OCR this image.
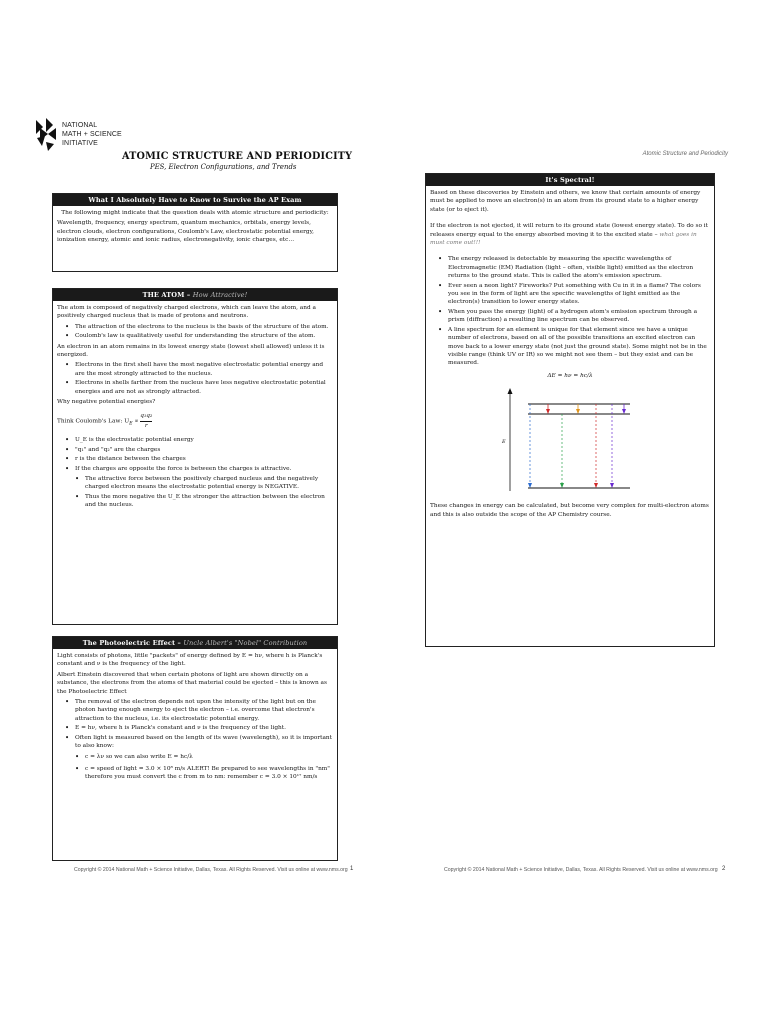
NATIONAL
MATH + SCIENCE
INITIATIVE
ATOMIC STRUCTURE AND PERIODICITY
PES, Electron Configurations, and Trends
Atomic Structure and Periodicity
What I Absolutely Have to Know to Survive the AP Exam

The following might indicate that the question deals with atomic structure and periodicity:

Wavelength, frequency, energy spectrum, quantum mechanics, orbitals, energy levels, electron clouds, electron configurations, Coulomb's Law, electrostatic potential energy, ionization energy, atomic and ionic radius, electronegativity, ionic charges, etc…

THE ATOM – How Attractive!

The atom is composed of negatively charged electrons, which can leave the atom, and a positively charged nucleus that is made of protons and neutrons.

• The attraction of the electrons to the nucleus is the basis of the structure of the atom.
• Coulomb's law is qualitatively useful for understanding the structure of the atom.

An electron in an atom remains in its lowest energy state (lowest shell allowed) unless it is energized.

• Electrons in the first shell have the most negative electrostatic potential energy and are the most strongly attracted to the nucleus.
• Electrons in shells farther from the nucleus have less negative electrostatic potential energies and are not as strongly attracted.

Why negative potential energies?

Think Coulomb's Law: $U_E \propto \frac{\text{q₁q₂}}{r}$

• U_E is the electrostatic potential energy
• "q₁" and "q₂" are the charges
• r is the distance between the charges
• If the charges are opposite the force is between the charges is attractive.
• The attractive force between the positively charged nucleus and the negatively charged electron means the electrostatic potential energy is NEGATIVE.
• Thus the more negative the U_E the stronger the attraction between the electron and the nucleus.
The Photoelectric Effect – Uncle Albert's "Nobel" Contribution

Light consists of photons, little "packets" of energy defined by E = hν, where h is Planck's constant and ν is the frequency of the light.

Albert Einstein discovered that when certain photons of light are shown directly on a substance, the electrons from the atoms of that material could be ejected – this is known as the Photoelectric Effect

• The removal of the electron depends not upon the intensity of the light but on the photon having enough energy to eject the electron – i.e. overcome that electron's attraction to the nucleus, i.e. its electrostatic potential energy.
• E = hν, where h is Planck's constant and ν is the frequency of the light.
• Often light is measured based on the length of its wave (wavelength), so it is important to also know:
• c = λν so we can also write E = hc/λ
• c = speed of light = 3.0 × 10⁸ m/s ALERT! Be prepared to see wavelengths in "nm" therefore you must convert the c from m to nm: remember c = 3.0 × 10¹⁷ nm/s
It's Spectral!

Based on these discoveries by Einstein and others, we know that certain amounts of energy must be applied to move an electron(s) in an atom from its ground state to a higher energy state (or to eject it).

If the electron is not ejected, it will return to its ground state (lowest energy state). To do so it releases energy equal to the energy absorbed moving it to the excited state – what goes in must come out!!!

• The energy released is detectable by measuring the specific wavelengths of Electromagnetic (EM) Radiation (light – often, visible light) emitted as the electron returns to the ground state. This is called the atom's emission spectrum.
• Ever seen a neon light? Fireworks? Put something with Cu in it in a flame? The colors you see in the form of light are the specific wavelengths of light emitted as the electron(s) transition to lower energy states.
• When you pass the energy (light) of a hydrogen atom's emission spectrum through a prism (diffraction) a resulting line spectrum can be observed.
• A line spectrum for an element is unique for that element since we have a unique number of electrons, based on all of the possible transitions an excited electron can move back to a lower energy state (not just the ground state). Some might not be in the visible range (think UV or IR) so we might not see them – but they exist and can be measured.

ΔE = hν = hc/λ

E

These changes in energy can be calculated, but become very complex for multi-electron atoms and this is also outside the scope of the AP Chemistry course.

Copyright © 2014 National Math + Science Initiative, Dallas, Texas. All Rights Reserved. Visit us online at www.nms.org 1	Copyright © 2014 National Math + Science Initiative, Dallas, Texas. All Rights Reserved. Visit us online at www.nms.org 2
